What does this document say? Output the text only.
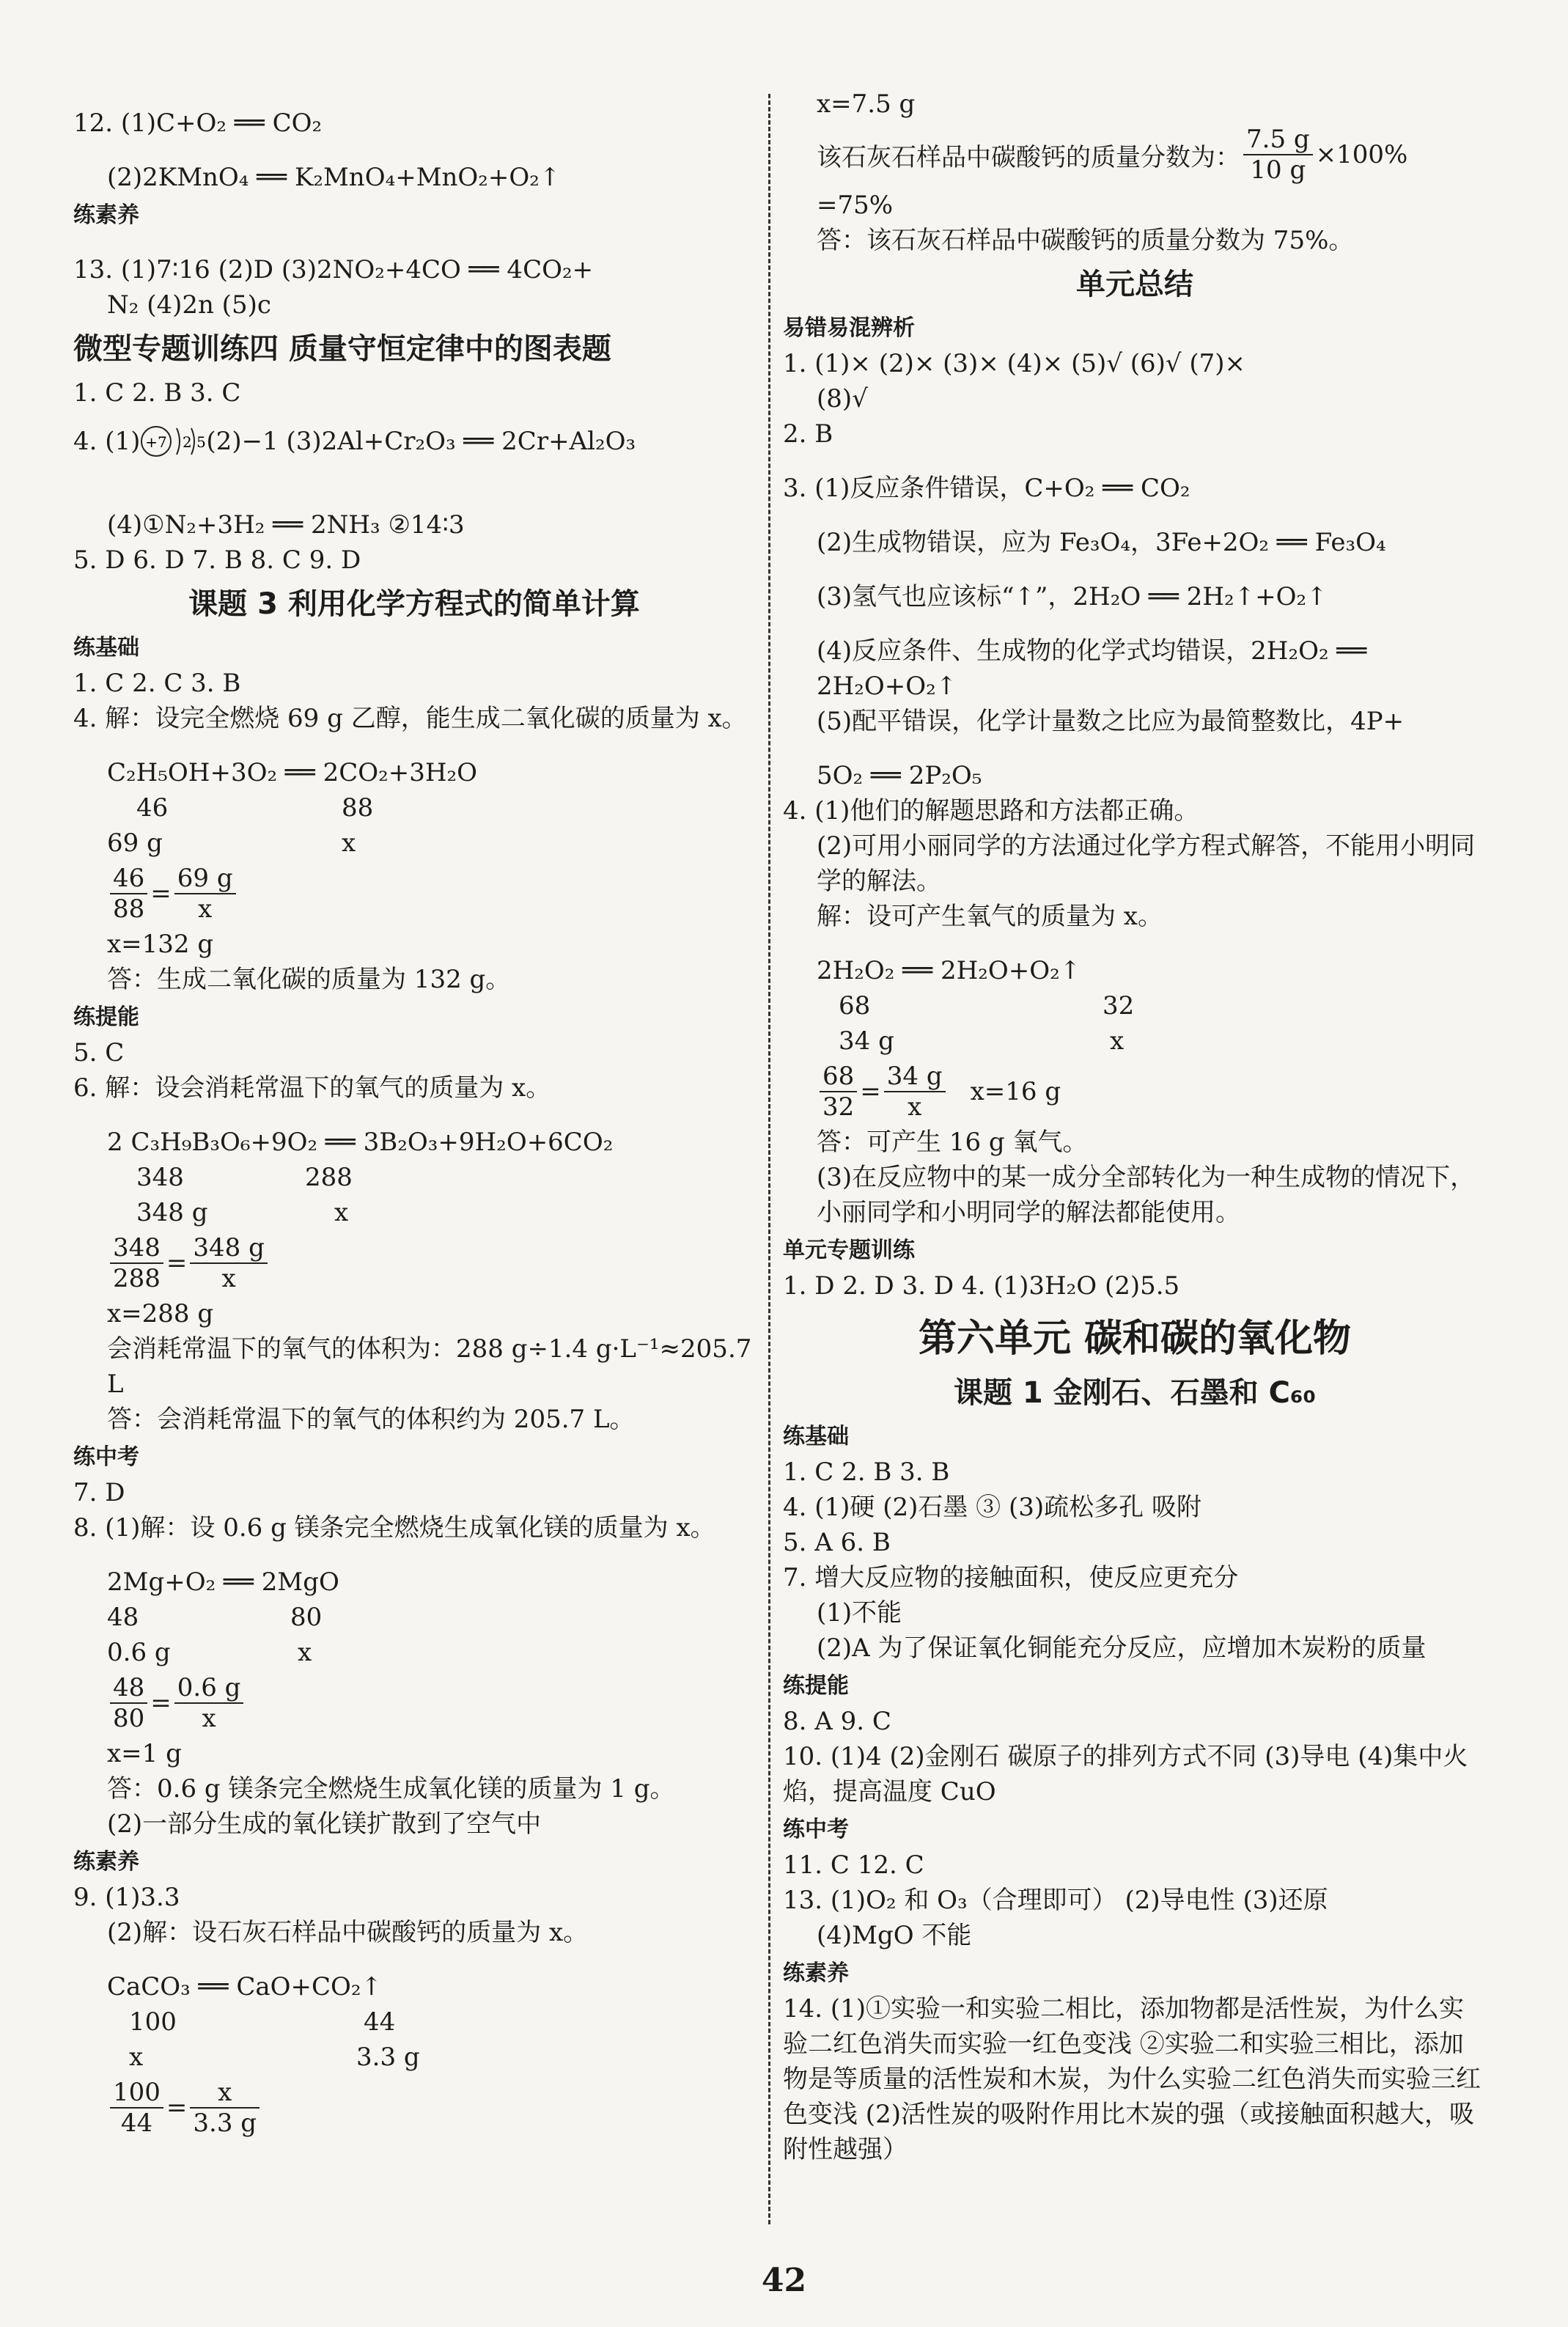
12. (1)C+O₂ ══ CO₂
(2)2KMnO₄ ══ K₂MnO₄+MnO₂+O₂↑

练素养

13. (1)7∶16 (2)D (3)2NO₂+4CO ══ 4CO₂+

N₂ (4)2n (5)c

微型专题训练四 质量守恒定律中的图表题

1. C 2. B 3. C

4. (1) +7 2 5 (2)−1 (3)2Al+Cr₂O₃ ══ 2Cr+Al₂O₃
(4)①N₂+3H₂ ══ 2NH₃ ②14∶3

5. D 6. D 7. B 8. C 9. D

课题 3 利用化学方程式的简单计算

练基础

1. C 2. C 3. B

4. 解：设完全燃烧 69 g 乙醇，能生成二氧化碳的质量为 x。

C₂H₅OH+3O₂ ══ 2CO₂+3H₂O

46	88

69 g	x

$\frac{46}{88} = \frac{69 g}{x}$

x=132 g

答：生成二氧化碳的质量为 132 g。

练提能

5. C

6. 解：设会消耗常温下的氧气的质量为 x。

2 C₃H₉B₃O₆+9O₂ ══ 3B₂O₃+9H₂O+6CO₂

348	288

348 g	x

$\frac{348}{288} = \frac{348 g}{x}$

x=288 g

会消耗常温下的氧气的体积为：288 g÷1.4 g·L⁻¹≈205.7 L

答：会消耗常温下的氧气的体积约为 205.7 L。

练中考

7. D

8. (1)解：设 0.6 g 镁条完全燃烧生成氧化镁的质量为 x。

2Mg+O₂ ══ 2MgO

48	80

0.6 g	x

$\frac{48}{80} = \frac{0.6 g}{x}$

x=1 g

答：0.6 g 镁条完全燃烧生成氧化镁的质量为 1 g。

(2)一部分生成的氧化镁扩散到了空气中

练素养

9. (1)3.3

(2)解：设石灰石样品中碳酸钙的质量为 x。

CaCO₃ ══ CaO+CO₂↑

100	44

x	3.3 g

$\frac{100}{44} = \frac{x}{3.3 g}$

x=7.5 g

该石灰石样品中碳酸钙的质量分数为： $\frac{7.5 g}{10 g} \times 100\%$

=75%

答：该石灰石样品中碳酸钙的质量分数为 75%。

单元总结

易错易混辨析

1. (1)× (2)× (3)× (4)× (5)√ (6)√ (7)×

(8)√

2. B

3. (1)反应条件错误，C+O₂ ══ CO₂
(2)生成物错误，应为 Fe₃O₄，3Fe+2O₂ ══ Fe₃O₄
(3)氢气也应该标“↑”，2H₂O ══ 2H₂↑+O₂↑
(4)反应条件、生成物的化学式均错误，2H₂O₂ ══

2H₂O+O₂↑

(5)配平错误，化学计量数之比应为最简整数比，4P+

5O₂ ══ 2P₂O₅

4. (1)他们的解题思路和方法都正确。

(2)可用小丽同学的方法通过化学方程式解答，不能用小明同学的解法。

解：设可产生氧气的质量为 x。

2H₂O₂ ══ 2H₂O+O₂↑

68	32

34 g	x

$\frac{68}{32} = \frac{34 g}{x} x=16$ g

答：可产生 16 g 氧气。

(3)在反应物中的某一成分全部转化为一种生成物的情况下，小丽同学和小明同学的解法都能使用。

单元专题训练

1. D 2. D 3. D 4. (1)3H₂O (2)5.5

第六单元 碳和碳的氧化物

课题 1 金刚石、石墨和 C₆₀

练基础

1. C 2. B 3. B

4. (1)硬 (2)石墨 ③ (3)疏松多孔 吸附

5. A 6. B

7. 增大反应物的接触面积，使反应更充分

(1)不能

(2)A 为了保证氧化铜能充分反应，应增加木炭粉的质量

练提能

8. A 9. C

10. (1)4 (2)金刚石 碳原子的排列方式不同 (3)导电 (4)集中火焰，提高温度 CuO

练中考

11. C 12. C

13. (1)O₂ 和 O₃（合理即可） (2)导电性 (3)还原

(4)MgO 不能

练素养

14. (1)①实验一和实验二相比，添加物都是活性炭，为什么实验二红色消失而实验一红色变浅 ②实验二和实验三相比，添加物是等质量的活性炭和木炭，为什么实验二红色消失而实验三红色变浅 (2)活性炭的吸附作用比木炭的强（或接触面积越大，吸附性越强）

42
